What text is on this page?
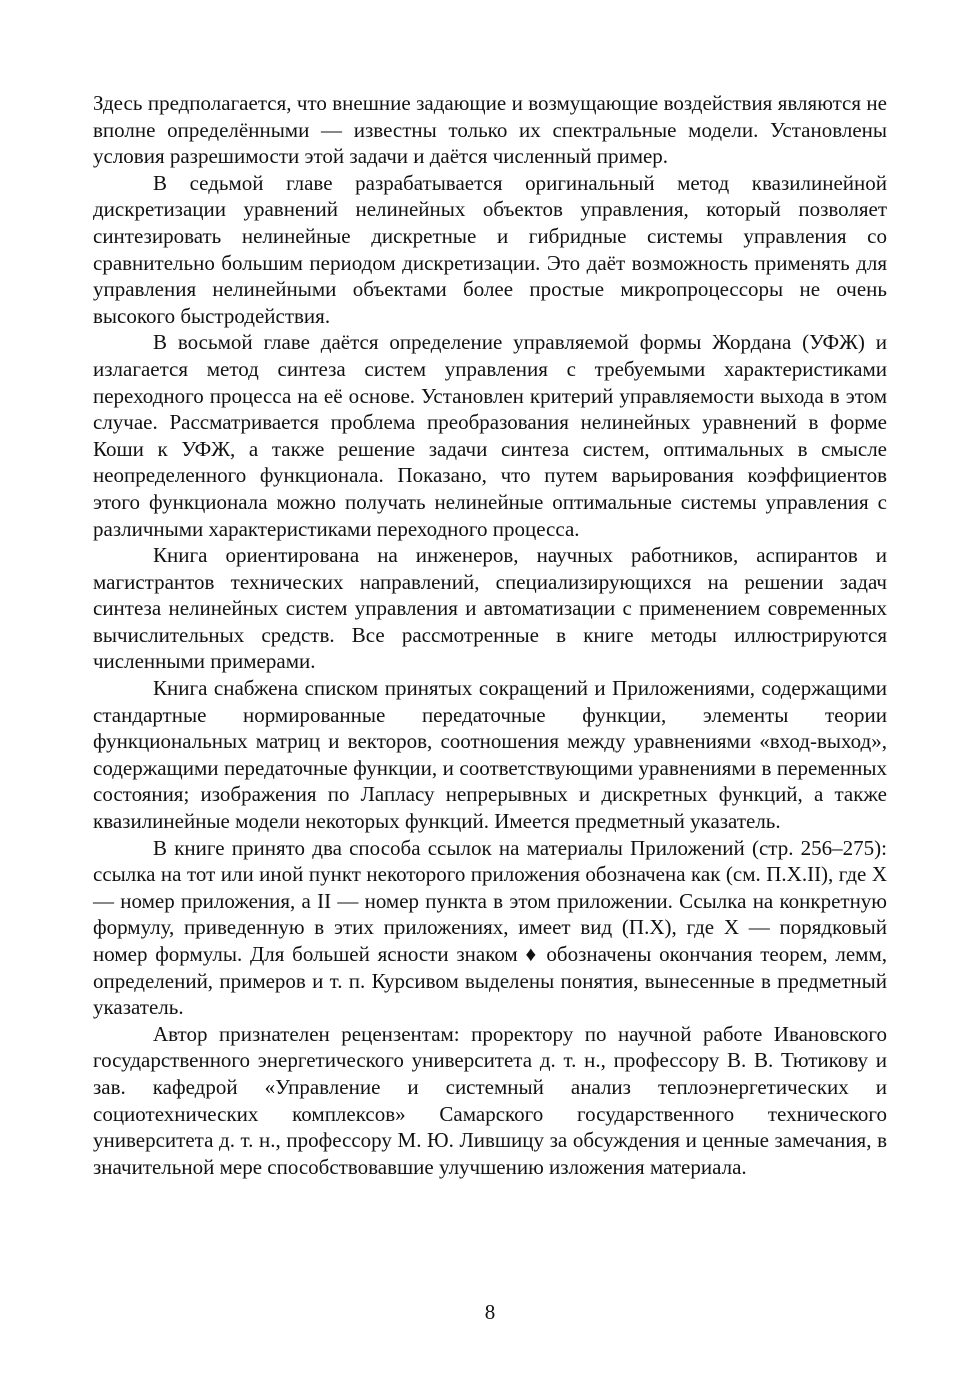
Здесь предполагается, что внешние задающие и возмущающие воздействия являются не вполне определёнными — известны только их спектральные модели. Установлены условия разрешимости этой задачи и даётся численный пример.

В седьмой главе разрабатывается оригинальный метод квазилинейной дискретизации уравнений нелинейных объектов управления, который позволяет синтезировать нелинейные дискретные и гибридные системы управления со сравнительно большим периодом дискретизации. Это даёт возможность применять для управления нелинейными объектами более простые микропроцессоры не очень высокого быстродействия.

В восьмой главе даётся определение управляемой формы Жордана (УФЖ) и излагается метод синтеза систем управления с требуемыми характеристиками переходного процесса на её основе. Установлен критерий управляемости выхода в этом случае. Рассматривается проблема преобразования нелинейных уравнений в форме Коши к УФЖ, а также решение задачи синтеза систем, оптимальных в смысле неопределенного функционала. Показано, что путем варьирования коэффициентов этого функционала можно получать нелинейные оптимальные системы управления с различными характеристиками переходного процесса.

Книга ориентирована на инженеров, научных работников, аспирантов и магистрантов технических направлений, специализирующихся на решении задач синтеза нелинейных систем управления и автоматизации с применением современных вычислительных средств. Все рассмотренные в книге методы иллюстрируются численными примерами.

Книга снабжена списком принятых сокращений и Приложениями, содержащими стандартные нормированные передаточные функции, элементы теории функциональных матриц и векторов, соотношения между уравнениями «вход-выход», содержащими передаточные функции, и соответствующими уравнениями в переменных состояния; изображения по Лапласу непрерывных и дискретных функций, а также квазилинейные модели некоторых функций. Имеется предметный указатель.

В книге принято два способа ссылок на материалы Приложений (стр. 256–275): ссылка на тот или иной пункт некоторого приложения обозначена как (см. П.X.II), где X — номер приложения, а II — номер пункта в этом приложении. Ссылка на конкретную формулу, приведенную в этих приложениях, имеет вид (П.X), где X — порядковый номер формулы. Для большей ясности знаком ♦ обозначены окончания теорем, лемм, определений, примеров и т. п. Курсивом выделены понятия, вынесенные в предметный указатель.

Автор признателен рецензентам: проректору по научной работе Ивановского государственного энергетического университета д. т. н., профессору В. В. Тютикову и зав. кафедрой «Управление и системный анализ теплоэнергетических и социотехнических комплексов» Самарского государственного технического университета д. т. н., профессору М. Ю. Лившицу за обсуждения и ценные замечания, в значительной мере способствовавшие улучшению изложения материала.

8
